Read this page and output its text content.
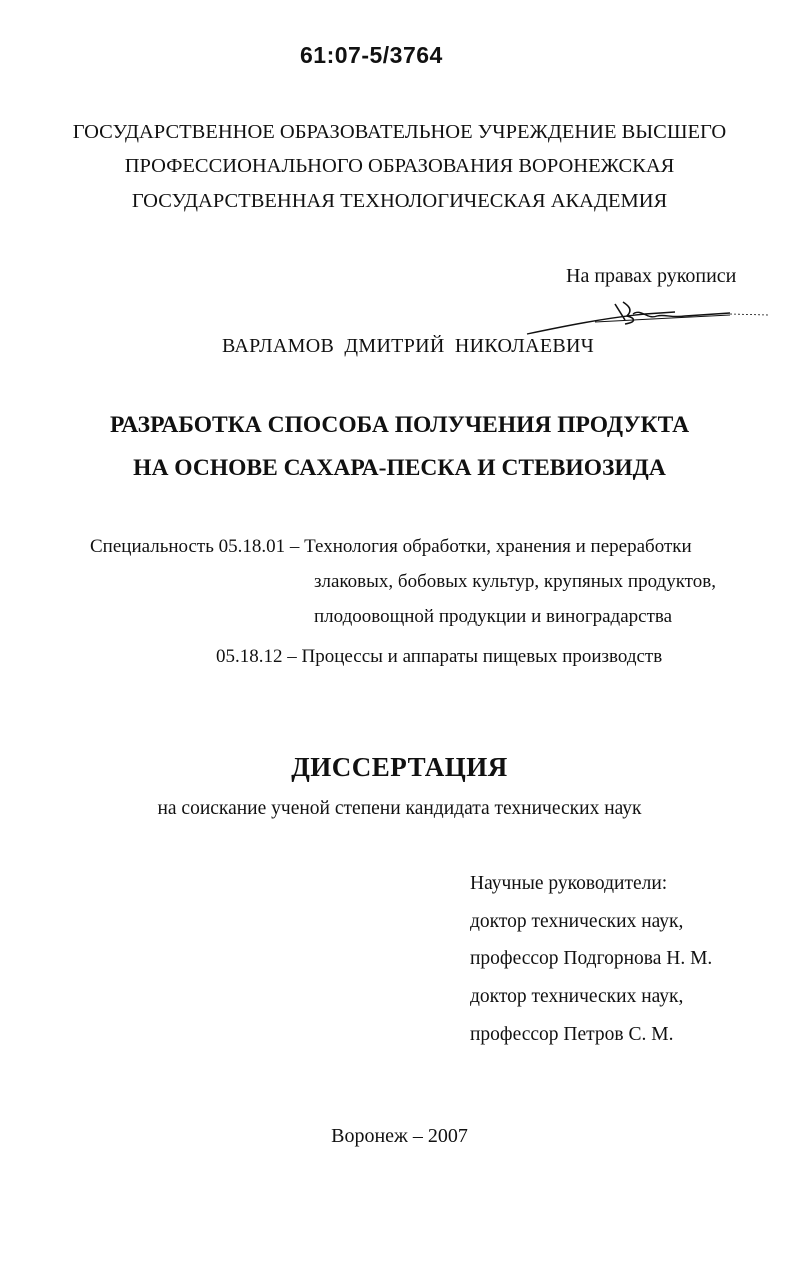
61:07-5/3764
ГОСУДАРСТВЕННОЕ ОБРАЗОВАТЕЛЬНОЕ УЧРЕЖДЕНИЕ ВЫСШЕГО
ПРОФЕССИОНАЛЬНОГО ОБРАЗОВАНИЯ ВОРОНЕЖСКАЯ
ГОСУДАРСТВЕННАЯ ТЕХНОЛОГИЧЕСКАЯ АКАДЕМИЯ
На правах рукописи
ВАРЛАМОВ ДМИТРИЙ НИКОЛАЕВИЧ
РАЗРАБОТКА СПОСОБА ПОЛУЧЕНИЯ ПРОДУКТА
НА ОСНОВЕ САХАРА-ПЕСКА И СТЕВИОЗИДА
Специальность 05.18.01 – Технология обработки, хранения и переработки
злаковых, бобовых культур, крупяных продуктов,
плодоовощной продукции и виноградарства
05.18.12 – Процессы и аппараты пищевых производств
ДИССЕРТАЦИЯ
на соискание ученой степени кандидата технических наук
Научные руководители:
доктор технических наук,
профессор Подгорнова Н. М.
доктор технических наук,
профессор Петров С. М.
Воронеж – 2007
